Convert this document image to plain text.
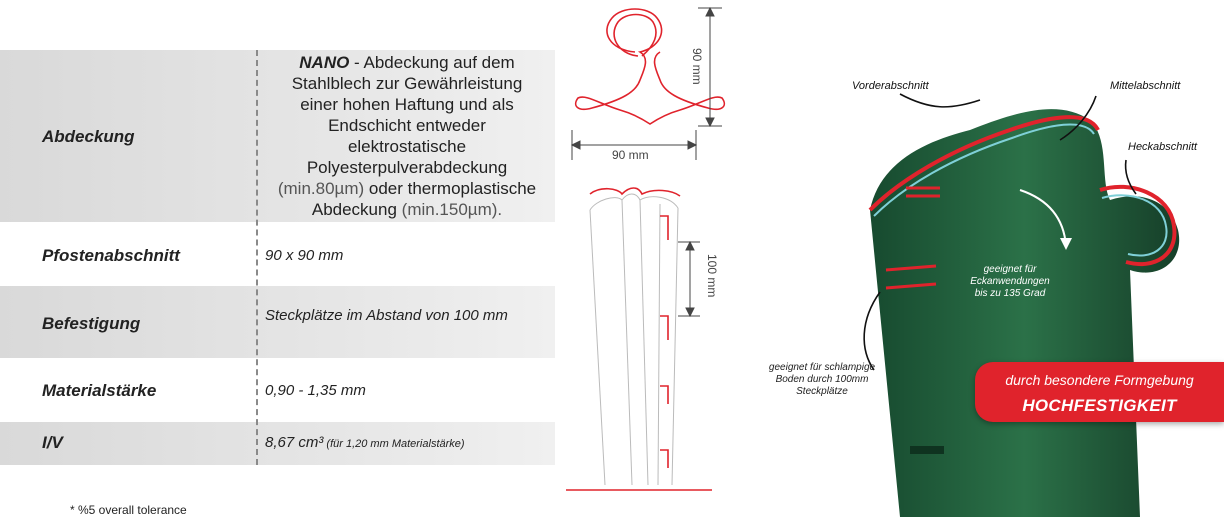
Abdeckung
NANO - Abdeckung auf dem
Stahlblech zur Gewährleistung
einer hohen Haftung und als
Endschicht entweder
elektrostatische
Polyesterpulverabdeckung
(min.80µm) oder thermoplastische
Abdeckung (min.150µm).
Pfostenabschnitt	90 x 90 mm
Befestigung	Steckplätze im Abstand von 100 mm
Materialstärke	0,90 - 1,35 mm
I/V	8,67 cm³ (für 1,20 mm Materialstärke)
* %5 overall tolerance
90 mm
90 mm
100 mm
Vorderabschnitt	Mittelabschnitt
Heckabschnitt
geeignet für
Eckanwendungen
bis zu 135 Grad
geeignet für schlampige
Boden durch 100mm
Steckplätze
durch besondere Formgebung
HOCHFESTIGKEIT
